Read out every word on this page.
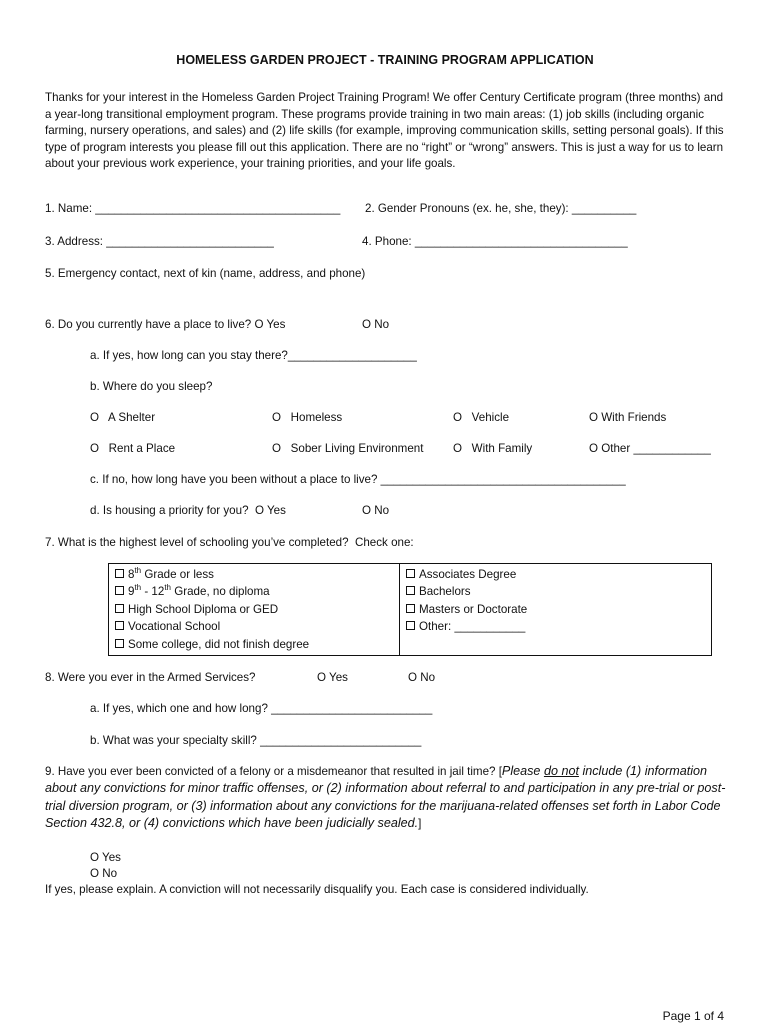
HOMELESS GARDEN PROJECT - TRAINING PROGRAM APPLICATION
Thanks for your interest in the Homeless Garden Project Training Program! We offer Century Certificate program (three months) and a year-long transitional employment program. These programs provide training in two main areas: (1) job skills (including organic farming, nursery operations, and sales) and (2) life skills (for example, improving communication skills, setting personal goals). If this type of program interests you please fill out this application. There are no “right” or “wrong” answers. This is just a way for us to learn about your previous work experience, your training priorities, and your life goals.
1. Name: ______________________________________ 2. Gender Pronouns (ex. he, she, they): __________
3. Address: __________________________	4. Phone: _________________________________
5. Emergency contact, next of kin (name, address, and phone)
6. Do you currently have a place to live? O Yes	O No
a. If yes, how long can you stay there?____________________
b. Where do you sleep?
O   A Shelter	O   Homeless	O   Vehicle	O With Friends
O   Rent a Place	O   Sober Living Environment	O   With Family	O Other ____________
c. If no, how long have you been without a place to live? ______________________________________
d. Is housing a priority for you?  O Yes	O No
7. What is the highest level of schooling you’ve completed?  Check one:
8th Grade or less
9th - 12th Grade, no diploma
High School Diploma or GED
Vocational School
Some college, did not finish degree

Associates Degree
Bachelors
Masters or Doctorate
Other: ___________
8. Were you ever in the Armed Services?	O Yes	O No
a. If yes, which one and how long? _________________________
b. What was your specialty skill? _________________________
9. Have you ever been convicted of a felony or a misdemeanor that resulted in jail time? [Please do not include (1) information about any convictions for minor traffic offenses, or (2) information about referral to and participation in any pre-trial or post-trial diversion program, or (3) information about any convictions for the marijuana-related offenses set forth in Labor Code Section 432.8, or (4) convictions which have been judicially sealed.]
O Yes
O No
If yes, please explain. A conviction will not necessarily disqualify you. Each case is considered individually.
Page 1 of 4
